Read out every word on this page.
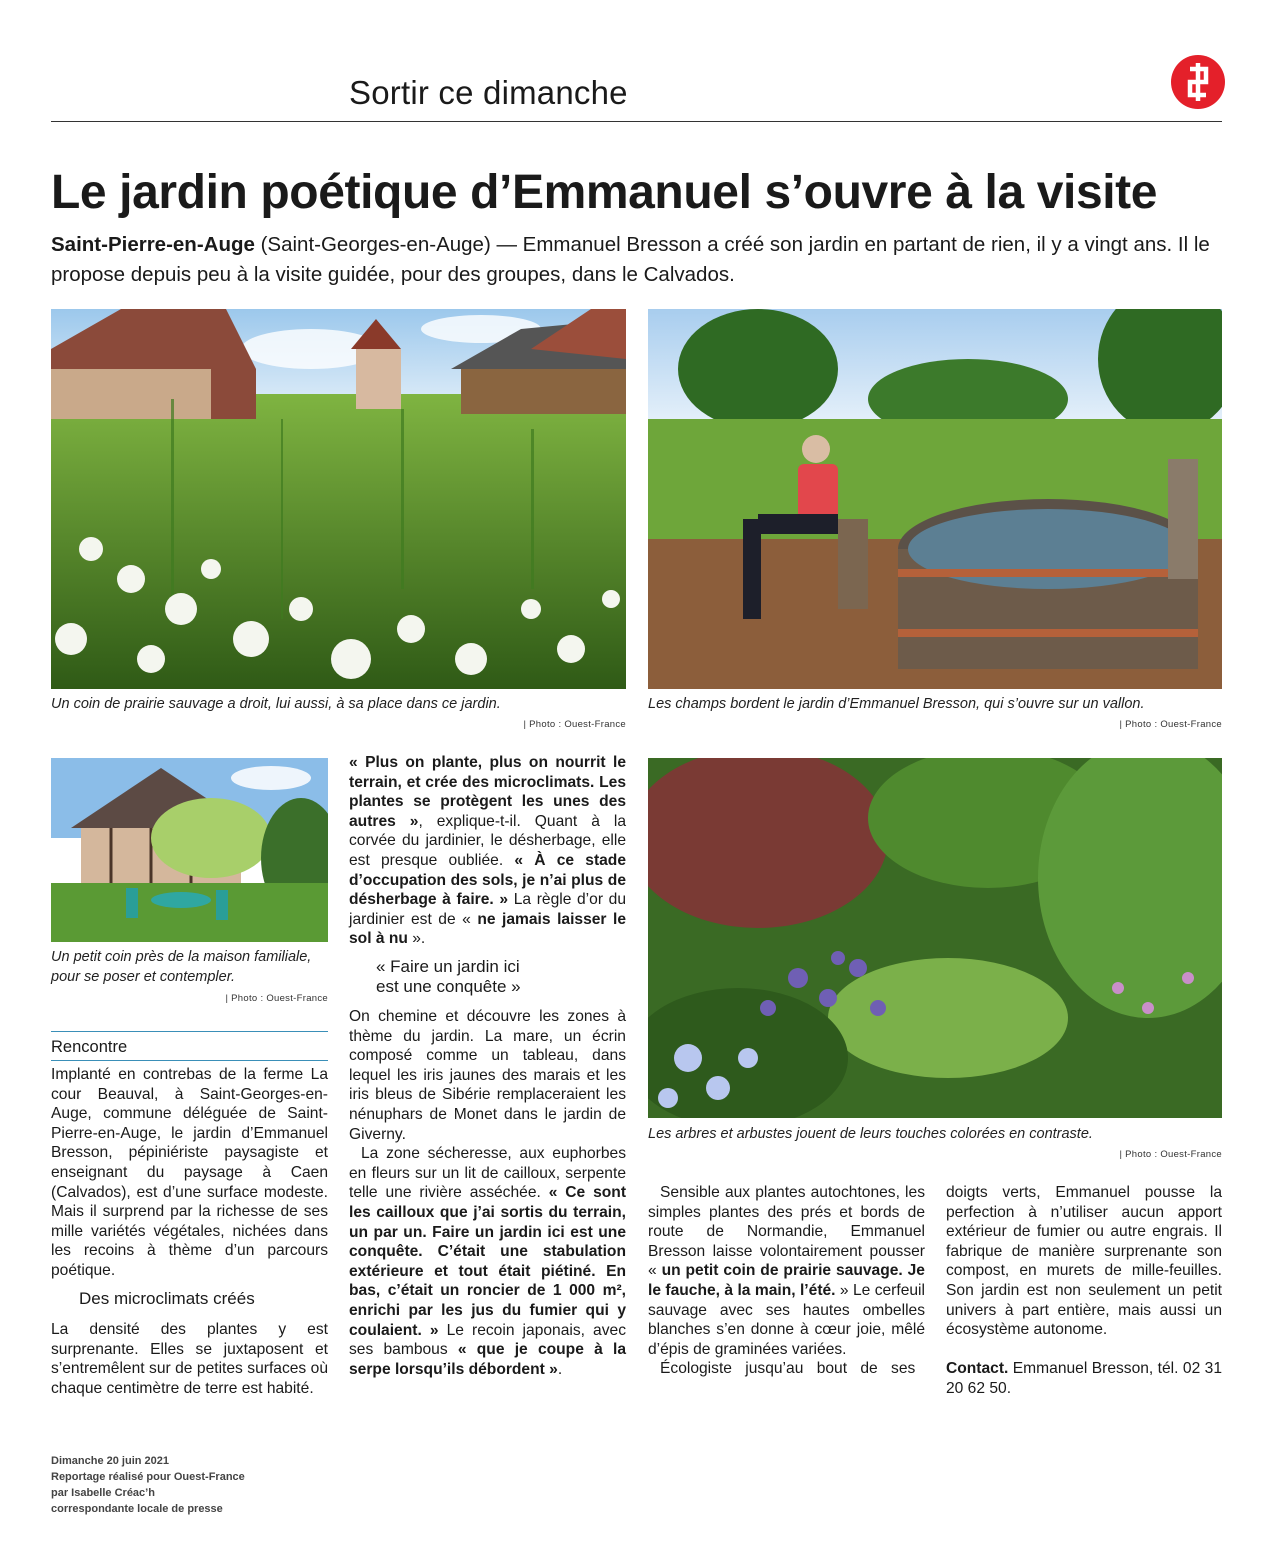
Sortir ce dimanche
Le jardin poétique d’Emmanuel s’ouvre à la visite
Saint-Pierre-en-Auge (Saint-Georges-en-Auge) — Emmanuel Bresson a créé son jardin en partant de rien, il y a vingt ans. Il le propose depuis peu à la visite guidée, pour des groupes, dans le Calvados.
Un coin de prairie sauvage a droit, lui aussi, à sa place dans ce jardin.
| Photo : Ouest-France
Les champs bordent le jardin d’Emmanuel Bresson, qui s’ouvre sur un vallon.
| Photo : Ouest-France
Un petit coin près de la maison familiale, pour se poser et contempler.
| Photo : Ouest-France
Les arbres et arbustes jouent de leurs touches colorées en contraste.
| Photo : Ouest-France
Rencontre

Implanté en contrebas de la ferme La cour Beauval, à Saint-Georges-en-Auge, commune déléguée de Saint-Pierre-en-Auge, le jardin d’Emmanuel Bresson, pépiniériste paysagiste et enseignant du paysage à Caen (Calvados), est d’une surface modeste. Mais il surprend par la richesse de ses mille variétés végétales, nichées dans les recoins à thème d’un parcours poétique.

Des microclimats créés

La densité des plantes y est surprenante. Elles se juxtaposent et s’entremêlent sur de petites surfaces où chaque centimètre de terre est habité.

« Plus on plante, plus on nourrit le terrain, et crée des microclimats. Les plantes se protègent les unes des autres », explique-t-il. Quant à la corvée du jardinier, le désherbage, elle est presque oubliée. « À ce stade d’occupation des sols, je n’ai plus de désherbage à faire. » La règle d’or du jardinier est de « ne jamais laisser le sol à nu ».

« Faire un jardin ici
est une conquête »

On chemine et découvre les zones à thème du jardin. La mare, un écrin composé comme un tableau, dans lequel les iris jaunes des marais et les iris bleus de Sibérie remplaceraient les nénuphars de Monet dans le jardin de Giverny.

La zone sécheresse, aux euphorbes en fleurs sur un lit de cailloux, serpente telle une rivière asséchée. « Ce sont les cailloux que j’ai sortis du terrain, un par un. Faire un jardin ici est une conquête. C’était une stabulation extérieure et tout était piétiné. En bas, c’était un roncier de 1 000 m², enrichi par les jus du fumier qui y coulaient. » Le recoin japonais, avec ses bambous « que je coupe à la serpe lorsqu’ils débordent ».

Sensible aux plantes autochtones, les simples plantes des prés et bords de route de Normandie, Emmanuel Bresson laisse volontairement pousser « un petit coin de prairie sauvage. Je le fauche, à la main, l’été. » Le cerfeuil sauvage avec ses hautes ombelles blanches s’en donne à cœur joie, mêlé d’épis de graminées variées.

Écologiste jusqu’au bout de ses

doigts verts, Emmanuel pousse la perfection à n’utiliser aucun apport extérieur de fumier ou autre engrais. Il fabrique de manière surprenante son compost, en murets de mille-feuilles. Son jardin est non seulement un petit univers à part entière, mais aussi un écosystème autonome.

Contact. Emmanuel Bresson, tél. 02 31 20 62 50.

Dimanche 20 juin 2021
Reportage réalisé pour Ouest-France
par Isabelle Créac’h
correspondante locale de presse
